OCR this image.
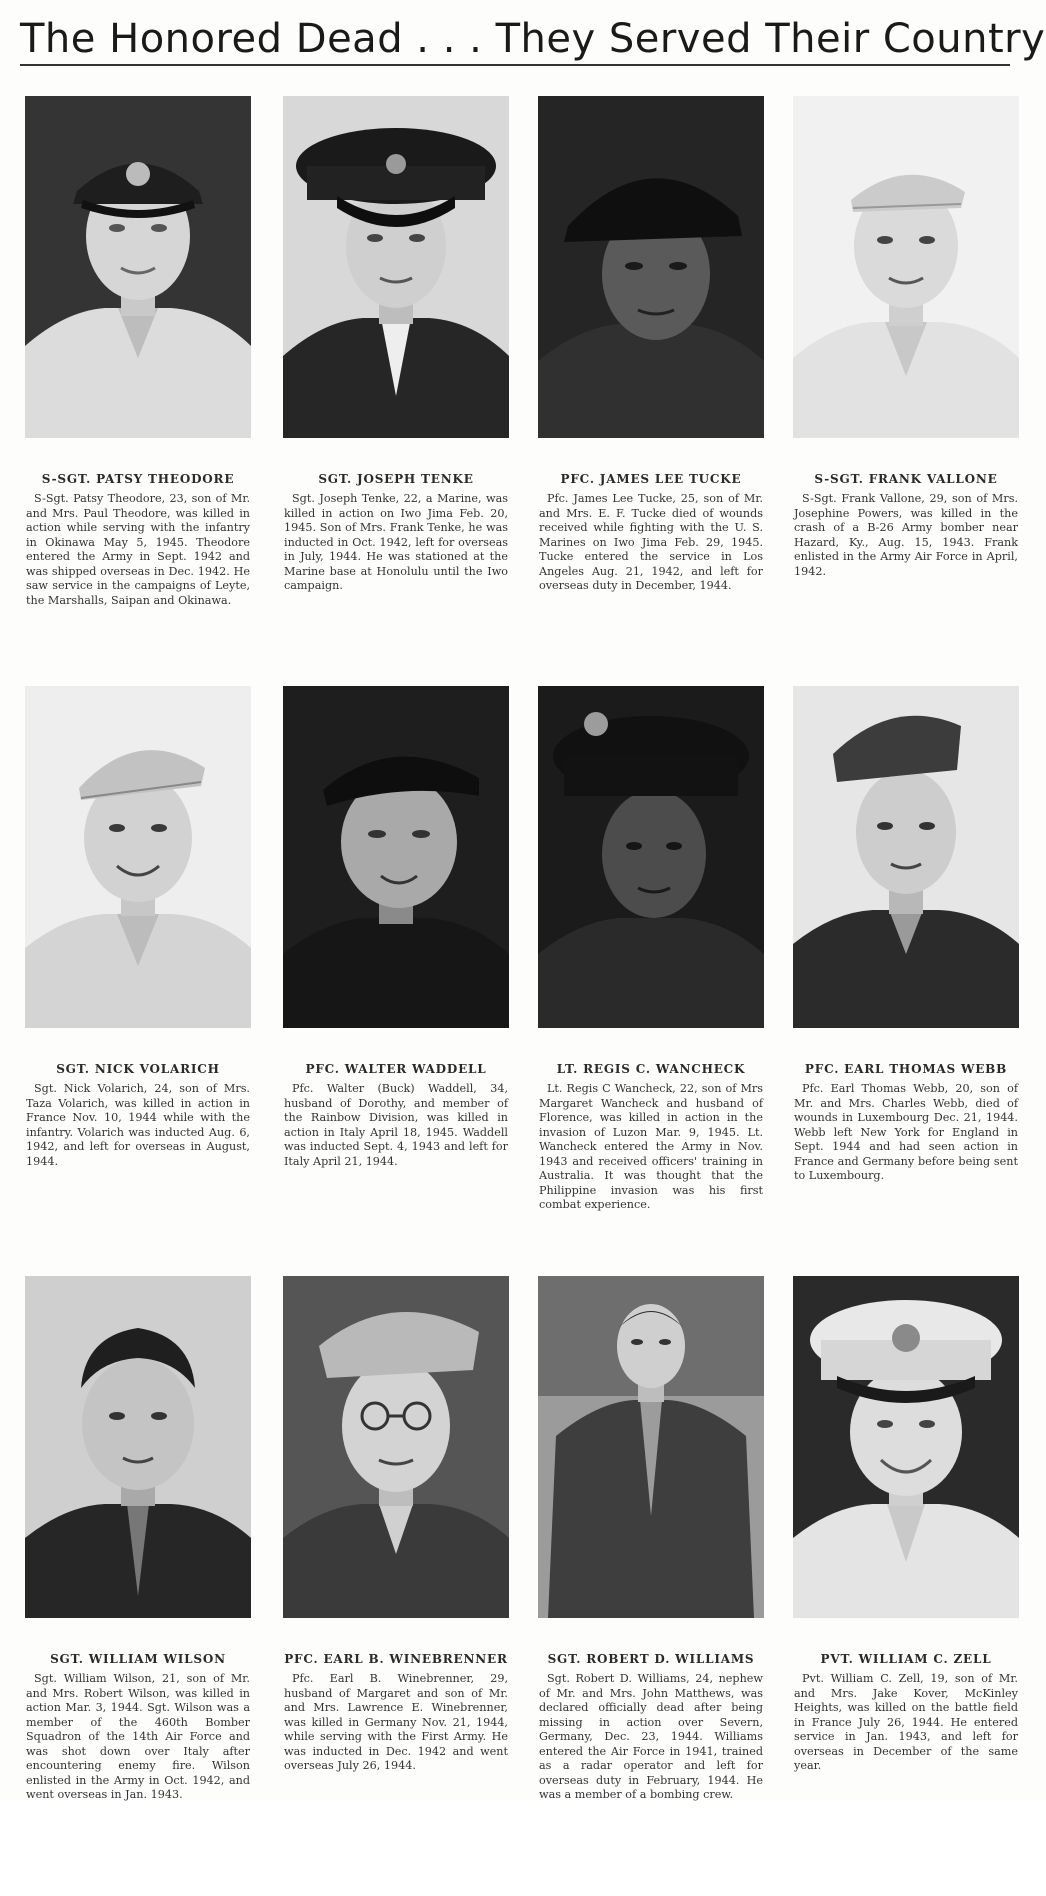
The Honored Dead . . . They Served Their Country
S-SGT. PATSY THEODORE

S-Sgt. Patsy Theodore, 23, son of Mr. and Mrs. Paul Theodore, was killed in action while serving with the infantry in Okinawa May 5, 1945. Theodore entered the Army in Sept. 1942 and was shipped overseas in Dec. 1942. He saw service in the campaigns of Leyte, the Marshalls, Saipan and Okinawa.

SGT. JOSEPH TENKE

Sgt. Joseph Tenke, 22, a Marine, was killed in action on Iwo Jima Feb. 20, 1945. Son of Mrs. Frank Tenke, he was inducted in Oct. 1942, left for overseas in July, 1944. He was stationed at the Marine base at Honolulu until the Iwo campaign.

PFC. JAMES LEE TUCKE

Pfc. James Lee Tucke, 25, son of Mr. and Mrs. E. F. Tucke died of wounds received while fighting with the U. S. Marines on Iwo Jima Feb. 29, 1945. Tucke entered the service in Los Angeles Aug. 21, 1942, and left for overseas duty in December, 1944.

S-SGT. FRANK VALLONE

S-Sgt. Frank Vallone, 29, son of Mrs. Josephine Powers, was killed in the crash of a B-26 Army bomber near Hazard, Ky., Aug. 15, 1943. Frank enlisted in the Army Air Force in April, 1942.

SGT. NICK VOLARICH

Sgt. Nick Volarich, 24, son of Mrs. Taza Volarich, was killed in action in France Nov. 10, 1944 while with the infantry. Volarich was inducted Aug. 6, 1942, and left for overseas in August, 1944.

PFC. WALTER WADDELL

Pfc. Walter (Buck) Waddell, 34, husband of Dorothy, and member of the Rainbow Division, was killed in action in Italy April 18, 1945. Waddell was inducted Sept. 4, 1943 and left for Italy April 21, 1944.

LT. REGIS C. WANCHECK

Lt. Regis C Wancheck, 22, son of Mrs Margaret Wancheck and husband of Florence, was killed in action in the invasion of Luzon Mar. 9, 1945. Lt. Wancheck entered the Army in Nov. 1943 and received officers' training in Australia. It was thought that the Philippine invasion was his first combat experience.

PFC. EARL THOMAS WEBB

Pfc. Earl Thomas Webb, 20, son of Mr. and Mrs. Charles Webb, died of wounds in Luxembourg Dec. 21, 1944. Webb left New York for England in Sept. 1944 and had seen action in France and Germany before being sent to Luxembourg.

SGT. WILLIAM WILSON

Sgt. William Wilson, 21, son of Mr. and Mrs. Robert Wilson, was killed in action Mar. 3, 1944. Sgt. Wilson was a member of the 460th Bomber Squadron of the 14th Air Force and was shot down over Italy after encountering enemy fire. Wilson enlisted in the Army in Oct. 1942, and went overseas in Jan. 1943.

PFC. EARL B. WINEBRENNER

Pfc. Earl B. Winebrenner, 29, husband of Margaret and son of Mr. and Mrs. Lawrence E. Winebrenner, was killed in Germany Nov. 21, 1944, while serving with the First Army. He was inducted in Dec. 1942 and went overseas July 26, 1944.

SGT. ROBERT D. WILLIAMS

Sgt. Robert D. Williams, 24, nephew of Mr. and Mrs. John Matthews, was declared officially dead after being missing in action over Severn, Germany, Dec. 23, 1944. Williams entered the Air Force in 1941, trained as a radar operator and left for overseas duty in February, 1944. He was a member of a bombing crew.

PVT. WILLIAM C. ZELL

Pvt. William C. Zell, 19, son of Mr. and Mrs. Jake Kover, McKinley Heights, was killed on the battle field in France July 26, 1944. He entered service in Jan. 1943, and left for overseas in December of the same year.
